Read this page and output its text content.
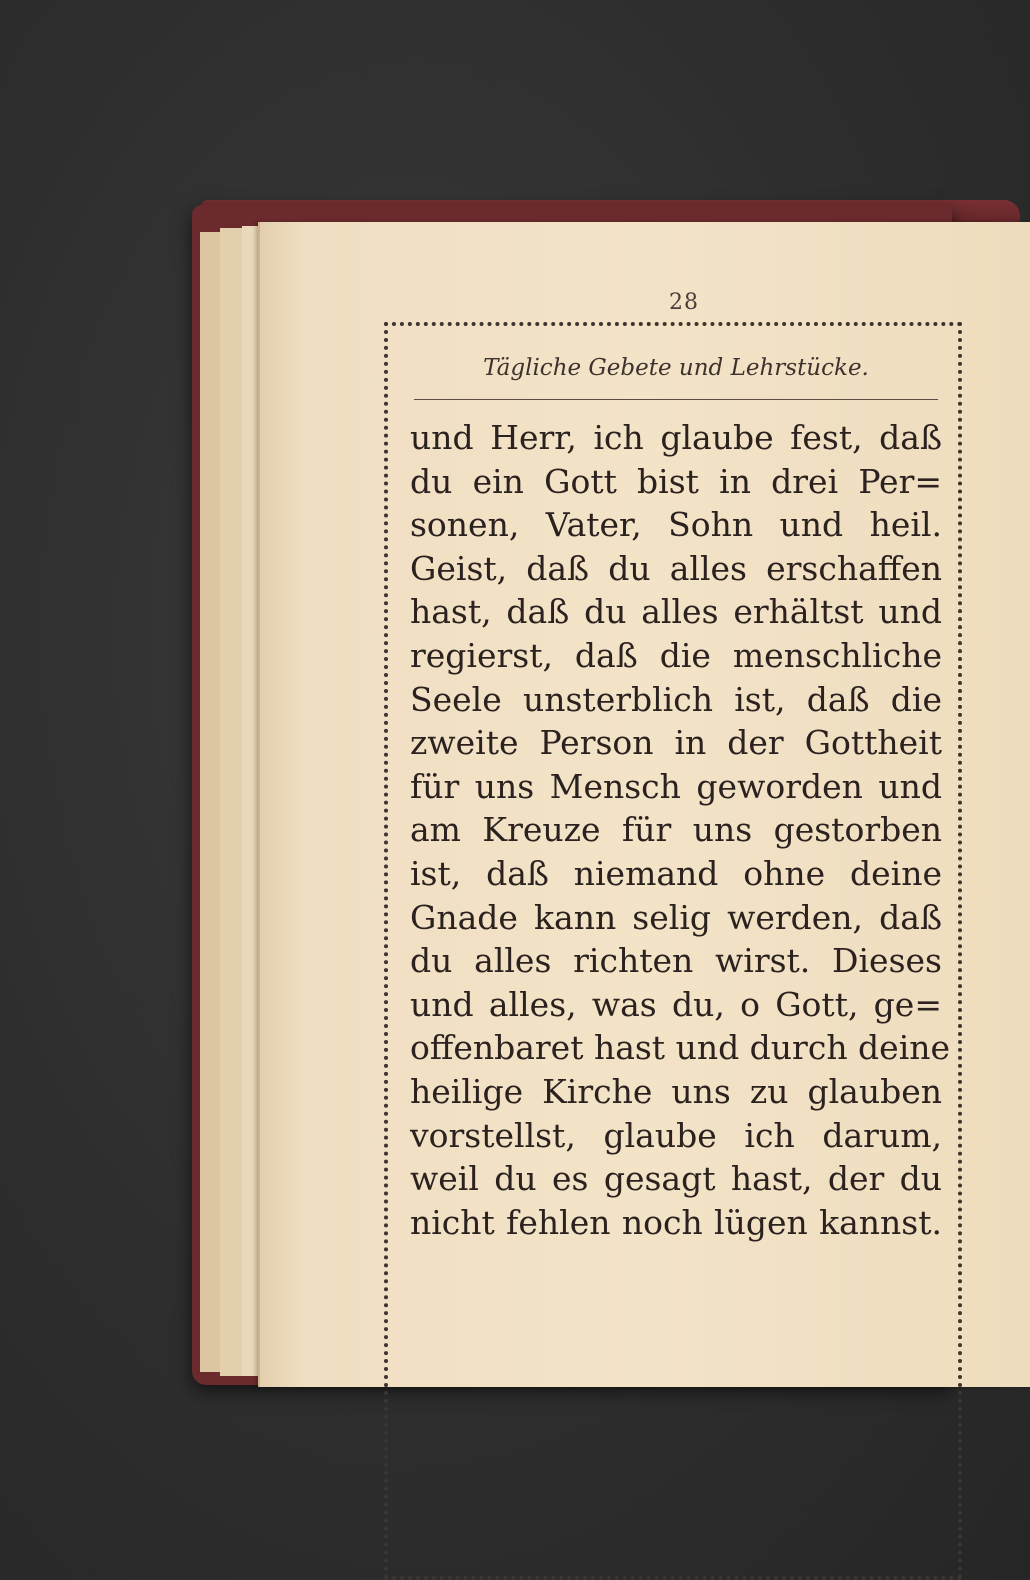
28
Tägliche Gebete und Lehrstücke.
und Herr, ich glaube fest, daß
du ein Gott bist in drei Per=
sonen, Vater, Sohn und heil.
Geist, daß du alles erschaffen
hast, daß du alles erhältst und
regierst, daß die menschliche
Seele unsterblich ist, daß die
zweite Person in der Gottheit
für uns Mensch geworden und
am Kreuze für uns gestorben
ist, daß niemand ohne deine
Gnade kann selig werden, daß
du alles richten wirst. Dieses
und alles, was du, o Gott, ge=
offenbaret hast und durch deine
heilige Kirche uns zu glauben
vorstellst, glaube ich darum,
weil du es gesagt hast, der du
nicht fehlen noch lügen kannst.
